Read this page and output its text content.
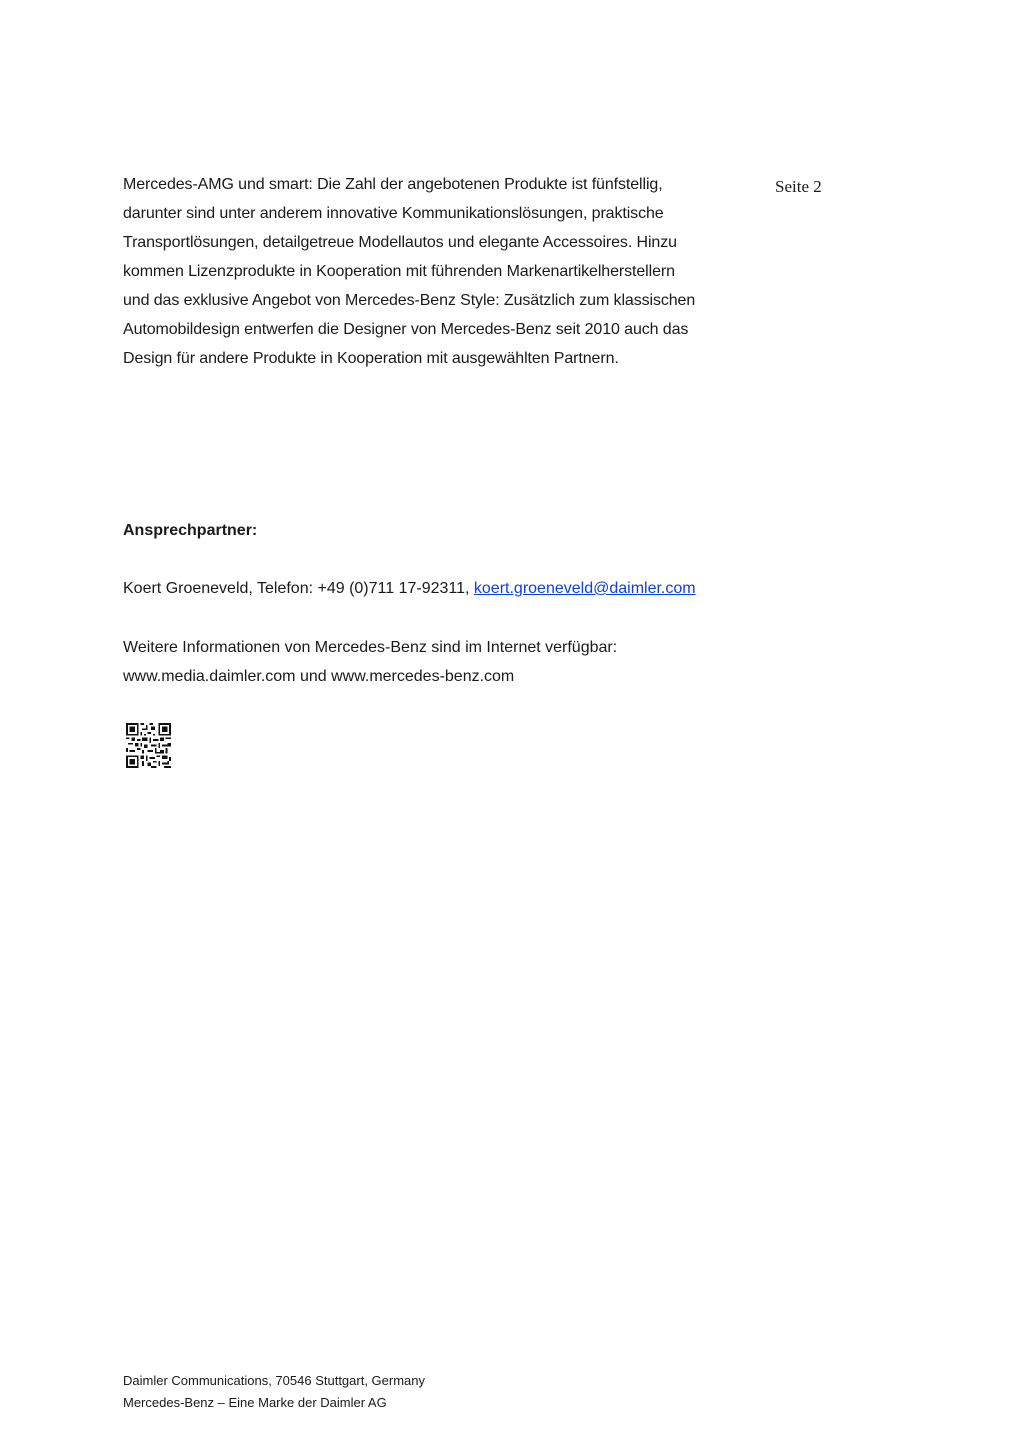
Seite 2
Mercedes-AMG und smart: Die Zahl der angebotenen Produkte ist fünfstellig,
darunter sind unter anderem innovative Kommunikationslösungen, praktische
Transportlösungen, detailgetreue Modellautos und elegante Accessoires. Hinzu
kommen Lizenzprodukte in Kooperation mit führenden Markenartikelherstellern
und das exklusive Angebot von Mercedes-Benz Style: Zusätzlich zum klassischen
Automobildesign entwerfen die Designer von Mercedes-Benz seit 2010 auch das
Design für andere Produkte in Kooperation mit ausgewählten Partnern.
Ansprechpartner:
Koert Groeneveld, Telefon: +49 (0)711 17-92311, koert.groeneveld@daimler.com
Weitere Informationen von Mercedes-Benz sind im Internet verfügbar:
www.media.daimler.com und www.mercedes-benz.com
Daimler Communications, 70546 Stuttgart, Germany
Mercedes-Benz – Eine Marke der Daimler AG
